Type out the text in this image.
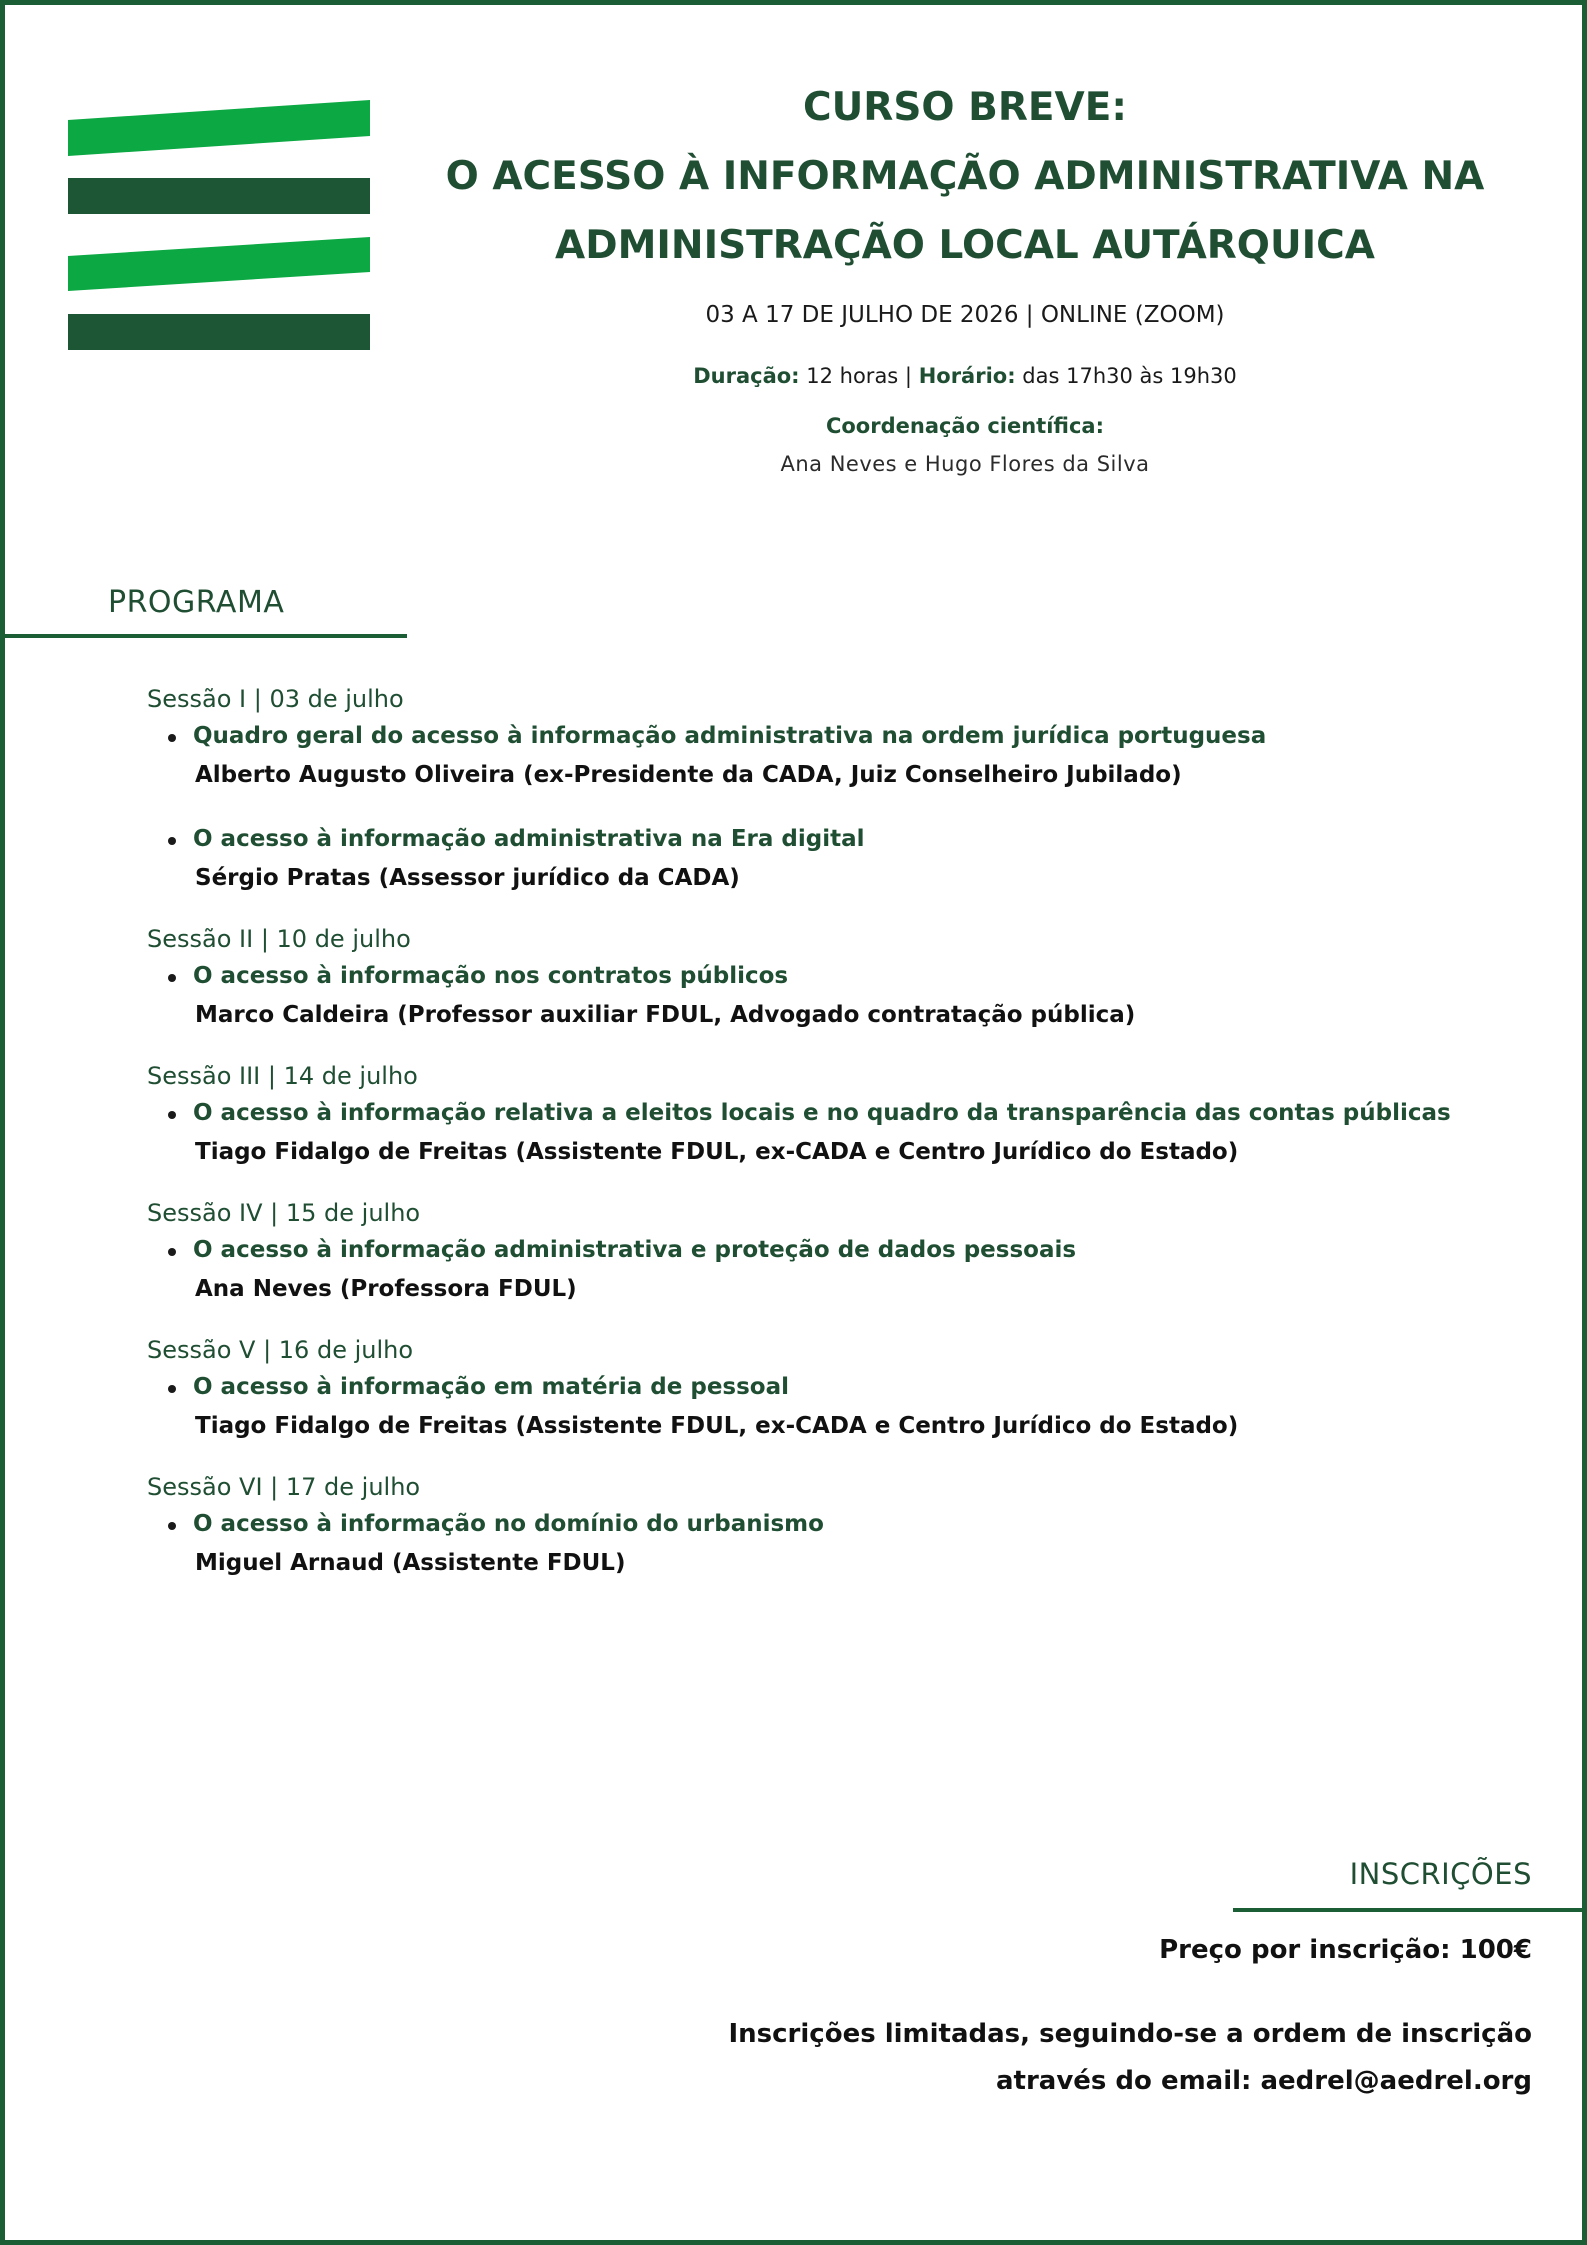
CURSO BREVE:
O ACESSO À INFORMAÇÃO ADMINISTRATIVA NA
ADMINISTRAÇÃO LOCAL AUTÁRQUICA
03 A 17 DE JULHO DE 2026 | ONLINE (ZOOM)
Duração: 12 horas | Horário: das 17h30 às 19h30
Coordenação científica:
Ana Neves e Hugo Flores da Silva
PROGRAMA
Sessão I | 03 de julho
Quadro geral do acesso à informação administrativa na ordem jurídica portuguesa
Alberto Augusto Oliveira (ex-Presidente da CADA, Juiz Conselheiro Jubilado)
O acesso à informação administrativa na Era digital
Sérgio Pratas (Assessor jurídico da CADA)
Sessão II | 10 de julho
O acesso à informação nos contratos públicos
Marco Caldeira (Professor auxiliar FDUL, Advogado contratação pública)
Sessão III | 14 de julho
O acesso à informação relativa a eleitos locais e no quadro da transparência das contas públicas
Tiago Fidalgo de Freitas (Assistente FDUL, ex-CADA e Centro Jurídico do Estado)
Sessão IV | 15 de julho
O acesso à informação administrativa e proteção de dados pessoais
Ana Neves (Professora FDUL)
Sessão V | 16 de julho
O acesso à informação em matéria de pessoal
Tiago Fidalgo de Freitas (Assistente FDUL, ex-CADA e Centro Jurídico do Estado)
Sessão VI | 17 de julho
O acesso à informação no domínio do urbanismo
Miguel Arnaud (Assistente FDUL)
INSCRIÇÕES
Preço por inscrição: 100€
Inscrições limitadas, seguindo-se a ordem de inscrição
através do email: aedrel@aedrel.org
